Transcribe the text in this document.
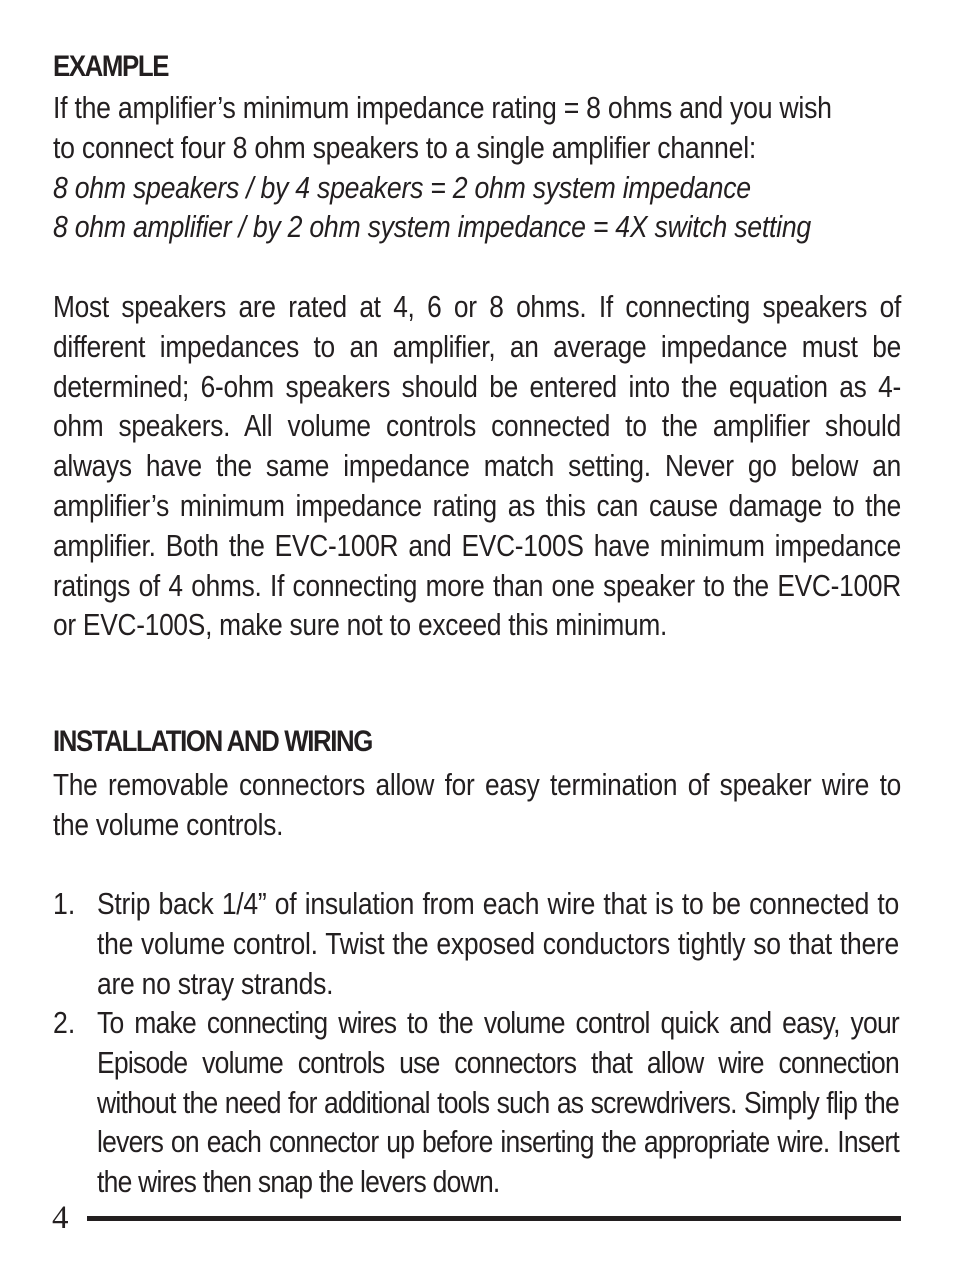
EXAMPLE
If the amplifier’s minimum impedance rating = 8 ohms and you wish
to connect four 8 ohm speakers to a single amplifier channel:
8 ohm speakers / by 4 speakers = 2 ohm system impedance
8 ohm amplifier / by 2 ohm system impedance = 4X switch setting
Most speakers are rated at 4, 6 or 8 ohms. If connecting speakers of different impedances to an amplifier, an average impedance must be determined; 6-ohm speakers should be entered into the equation as 4-ohm speakers. All volume controls connected to the amplifier should always have the same impedance match setting. Never go below an amplifier’s minimum impedance rating as this can cause damage to the amplifier. Both the EVC-100R and EVC-100S have minimum impedance ratings of 4 ohms. If connecting more than one speaker to the EVC-100R or EVC-100S, make sure not to exceed this minimum.
INSTALLATION AND WIRING
The removable connectors allow for easy termination of speaker wire to the volume controls.
1. Strip back 1/4” of insulation from each wire that is to be connected to the volume control. Twist the exposed conductors tightly so that there are no stray strands.
2. To make connecting wires to the volume control quick and easy, your Episode volume controls use connectors that allow wire connection without the need for additional tools such as screwdrivers. Simply flip the levers on each connector up before inserting the appropriate wire. Insert the wires then snap the levers down.
4
